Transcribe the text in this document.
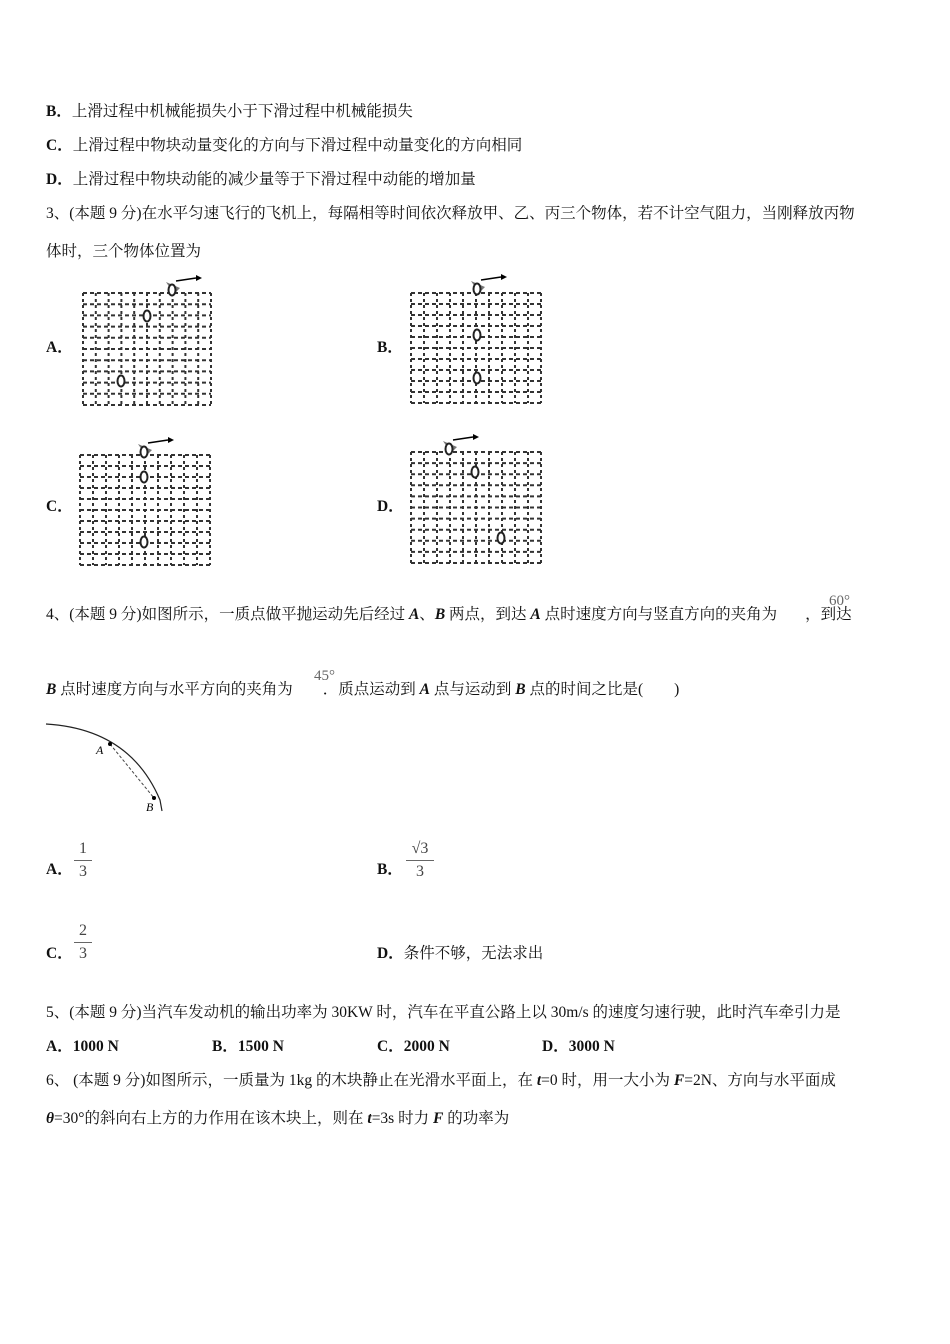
B．上滑过程中机械能损失小于下滑过程中机械能损失
C．上滑过程中物块动量变化的方向与下滑过程中动量变化的方向相同
D．上滑过程中物块动能的减少量等于下滑过程中动能的增加量
3、(本题 9 分)在水平匀速飞行的飞机上，每隔相等时间依次释放甲、乙、丙三个物体，若不计空气阻力，当刚释放丙物
体时，三个物体位置为
A．	B．
C．	D．
4、(本题 9 分)如图所示，一质点做平抛运动先后经过 A、B 两点，到达 A 点时速度方向与竖直方向的夹角为 ，到达
60°
B 点时速度方向与水平方向的夹角为 ．质点运动到 A 点与运动到 B 点的时间之比是(　　)
45°
A
B
A． $\frac{1}{3}$	B． $\frac{√3}{3}$
C． $\frac{2}{3}$	D．条件不够，无法求出
5、(本题 9 分)当汽车发动机的输出功率为 30KW 时，汽车在平直公路上以 30m/s 的速度匀速行驶，此时汽车牵引力是
A．1000 N	B．1500 N	C．2000 N	D．3000 N
6、 (本题 9 分)如图所示，一质量为 1kg 的木块静止在光滑水平面上，在 t=0 时，用一大小为 F=2N、方向与水平面成
θ=30°的斜向右上方的力作用在该木块上，则在 t=3s 时力 F 的功率为
